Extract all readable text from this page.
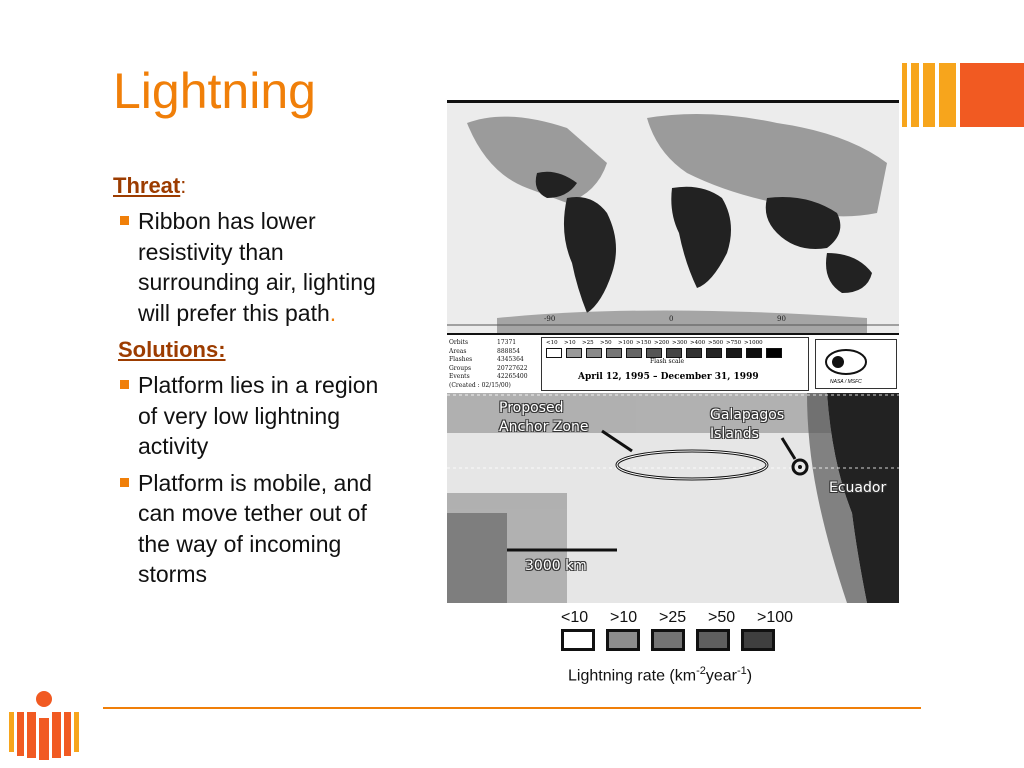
Lightning
Threat:
Ribbon has lower resistivity than surrounding air, lighting will prefer this path.
Solutions:
Platform lies in a region of very low lightning activity
Platform is mobile, and can move tether out of the way of incoming storms
-90	0	90
Orbits	17371
Areas	888854
Flashes	4345364
Groups	20727622
Events	42265400
(Created : 02/15/00)
<10	>10	>25	>50	>100 >150 >200 >300 >400 >500 >750 >1000
Flash scale
April 12, 1995 – December 31, 1999	NASA / MSFC
Proposed Anchor Zone
Galapagos Islands
Ecuador
3000 km
<10	>10	>25	>50	>100
Lightning rate $(km^{-2}year^{-1})$
